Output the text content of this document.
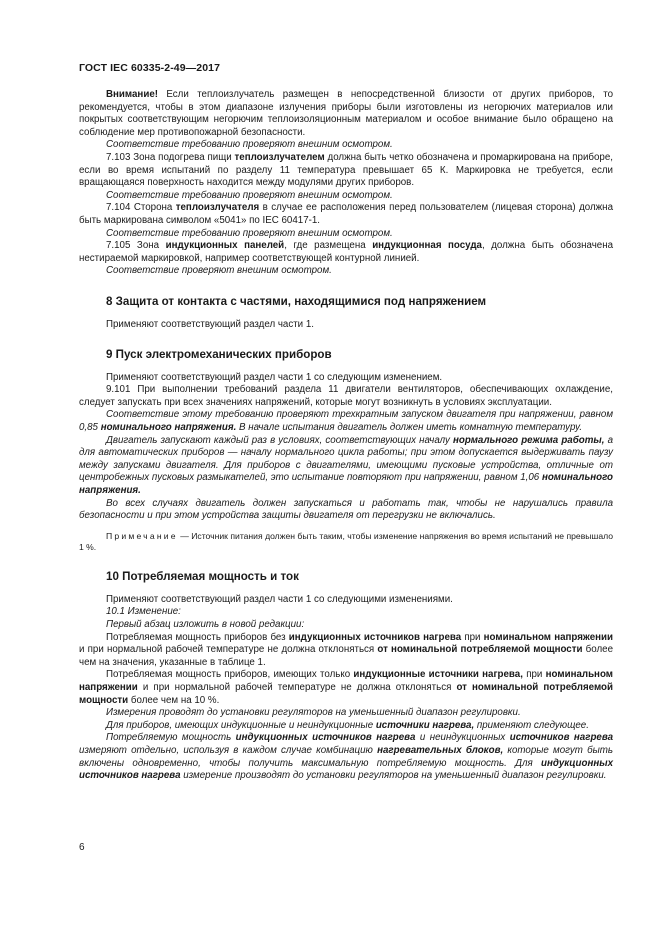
ГОСТ IEC 60335-2-49—2017

Внимание! Если теплоизлучатель размещен в непосредственной близости от других приборов, то рекомендуется, чтобы в этом диапазоне излучения приборы были изготовлены из негорючих материалов или покрытых соответствующим негорючим теплоизоляционным материалом и особое внимание было обращено на соблюдение мер противопожарной безопасности.

Соответствие требованию проверяют внешним осмотром.

7.103 Зона подогрева пищи теплоизлучателем должна быть четко обозначена и промаркирована на приборе, если во время испытаний по разделу 11 температура превышает 65 К. Маркировка не требуется, если вращающаяся поверхность находится между модулями других приборов.

Соответствие требованию проверяют внешним осмотром.

7.104 Сторона теплоизлучателя в случае ее расположения перед пользователем (лицевая сторона) должна быть маркирована символом «5041» по IEC 60417-1.

Соответствие требованию проверяют внешним осмотром.

7.105 Зона индукционных панелей, где размещена индукционная посуда, должна быть обозначена нестираемой маркировкой, например соответствующей контурной линией.

Соответствие проверяют внешним осмотром.

8 Защита от контакта с частями, находящимися под напряжением

Применяют соответствующий раздел части 1.

9 Пуск электромеханических приборов

Применяют соответствующий раздел части 1 со следующим изменением.

9.101 При выполнении требований раздела 11 двигатели вентиляторов, обеспечивающих охлаждение, следует запускать при всех значениях напряжений, которые могут возникнуть в условиях эксплуатации.

Соответствие этому требованию проверяют трехкратным запуском двигателя при напряжении, равном 0,85 номинального напряжения. В начале испытания двигатель должен иметь комнатную температуру.

Двигатель запускают каждый раз в условиях, соответствующих началу нормального режима работы, а для автоматических приборов — началу нормального цикла работы; при этом допускается выдерживать паузу между запусками двигателя. Для приборов с двигателями, имеющими пусковые устройства, отличные от центробежных пусковых размыкателей, это испытание повторяют при напряжении, равном 1,06 номинального напряжения.

Во всех случаях двигатель должен запускаться и работать так, чтобы не нарушались правила безопасности и при этом устройства защиты двигателя от перегрузки не включались.

Примечание — Источник питания должен быть таким, чтобы изменение напряжения во время испытаний не превышало 1 %.

10 Потребляемая мощность и ток

Применяют соответствующий раздел части 1 со следующими изменениями.

10.1 Изменение:

Первый абзац изложить в новой редакции:

Потребляемая мощность приборов без индукционных источников нагрева при номинальном напряжении и при нормальной рабочей температуре не должна отклоняться от номинальной потребляемой мощности более чем на значения, указанные в таблице 1.

Потребляемая мощность приборов, имеющих только индукционные источники нагрева, при номинальном напряжении и при нормальной рабочей температуре не должна отклоняться от номинальной потребляемой мощности более чем на 10 %.

Измерения проводят до установки регуляторов на уменьшенный диапазон регулировки.

Для приборов, имеющих индукционные и неиндукционные источники нагрева, применяют следующее.

Потребляемую мощность индукционных источников нагрева и неиндукционных источников нагрева измеряют отдельно, используя в каждом случае комбинацию нагревательных блоков, которые могут быть включены одновременно, чтобы получить максимальную потребляемую мощность. Для индукционных источников нагрева измерение производят до установки регуляторов на уменьшенный диапазон регулировки.

6
